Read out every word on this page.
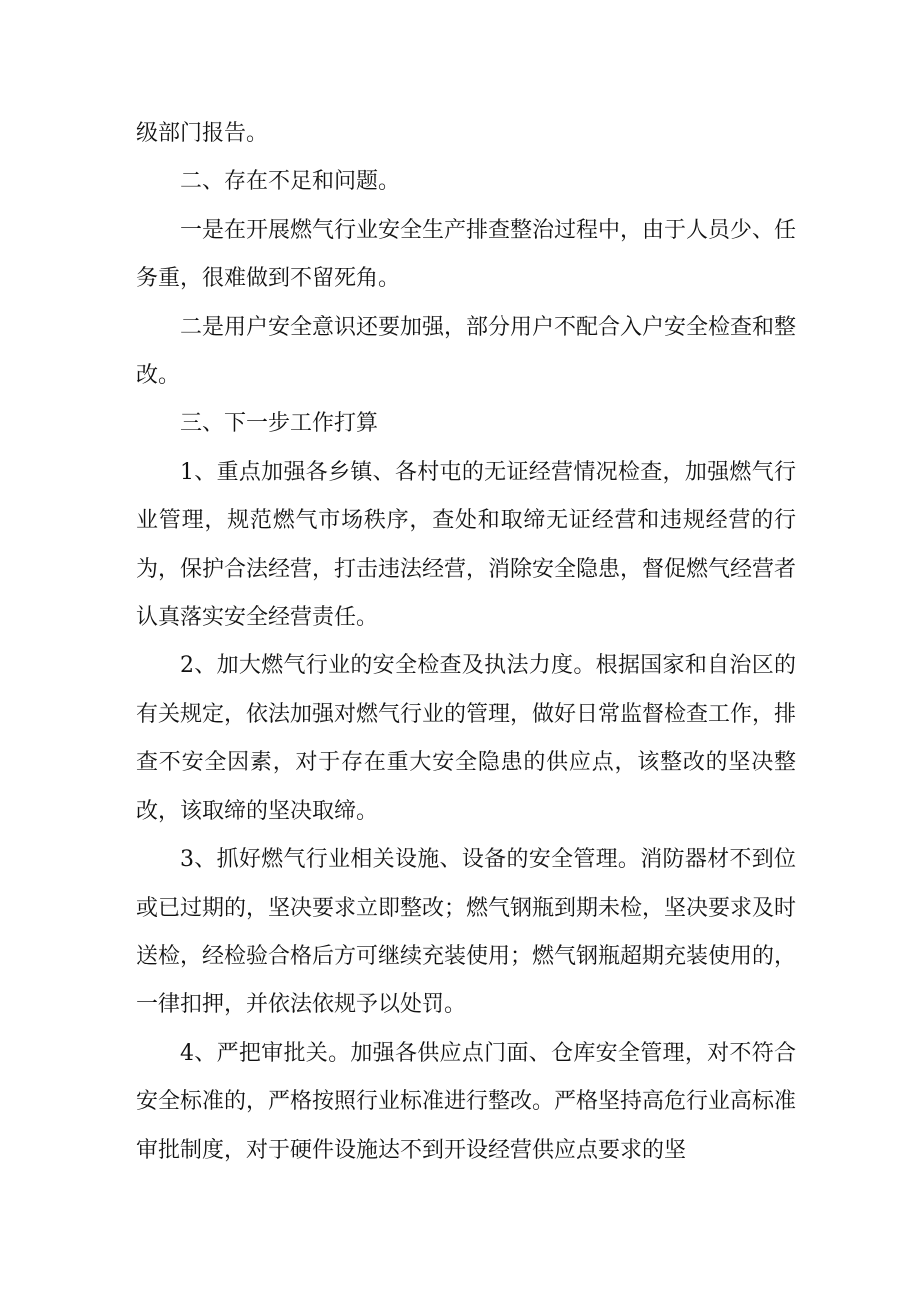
级部门报告。

二、存在不足和问题。

一是在开展燃气行业安全生产排查整治过程中，由于人员少、任务重，很难做到不留死角。

二是用户安全意识还要加强，部分用户不配合入户安全检查和整改。

三、下一步工作打算

1、重点加强各乡镇、各村屯的无证经营情况检查，加强燃气行业管理，规范燃气市场秩序，查处和取缔无证经营和违规经营的行为，保护合法经营，打击违法经营，消除安全隐患，督促燃气经营者认真落实安全经营责任。

2、加大燃气行业的安全检查及执法力度。根据国家和自治区的有关规定，依法加强对燃气行业的管理，做好日常监督检查工作，排查不安全因素，对于存在重大安全隐患的供应点，该整改的坚决整改，该取缔的坚决取缔。

3、抓好燃气行业相关设施、设备的安全管理。消防器材不到位或已过期的，坚决要求立即整改；燃气钢瓶到期未检，坚决要求及时送检，经检验合格后方可继续充装使用；燃气钢瓶超期充装使用的，一律扣押，并依法依规予以处罚。

4、严把审批关。加强各供应点门面、仓库安全管理，对不符合安全标准的，严格按照行业标准进行整改。严格坚持高危行业高标准审批制度，对于硬件设施达不到开设经营供应点要求的坚
